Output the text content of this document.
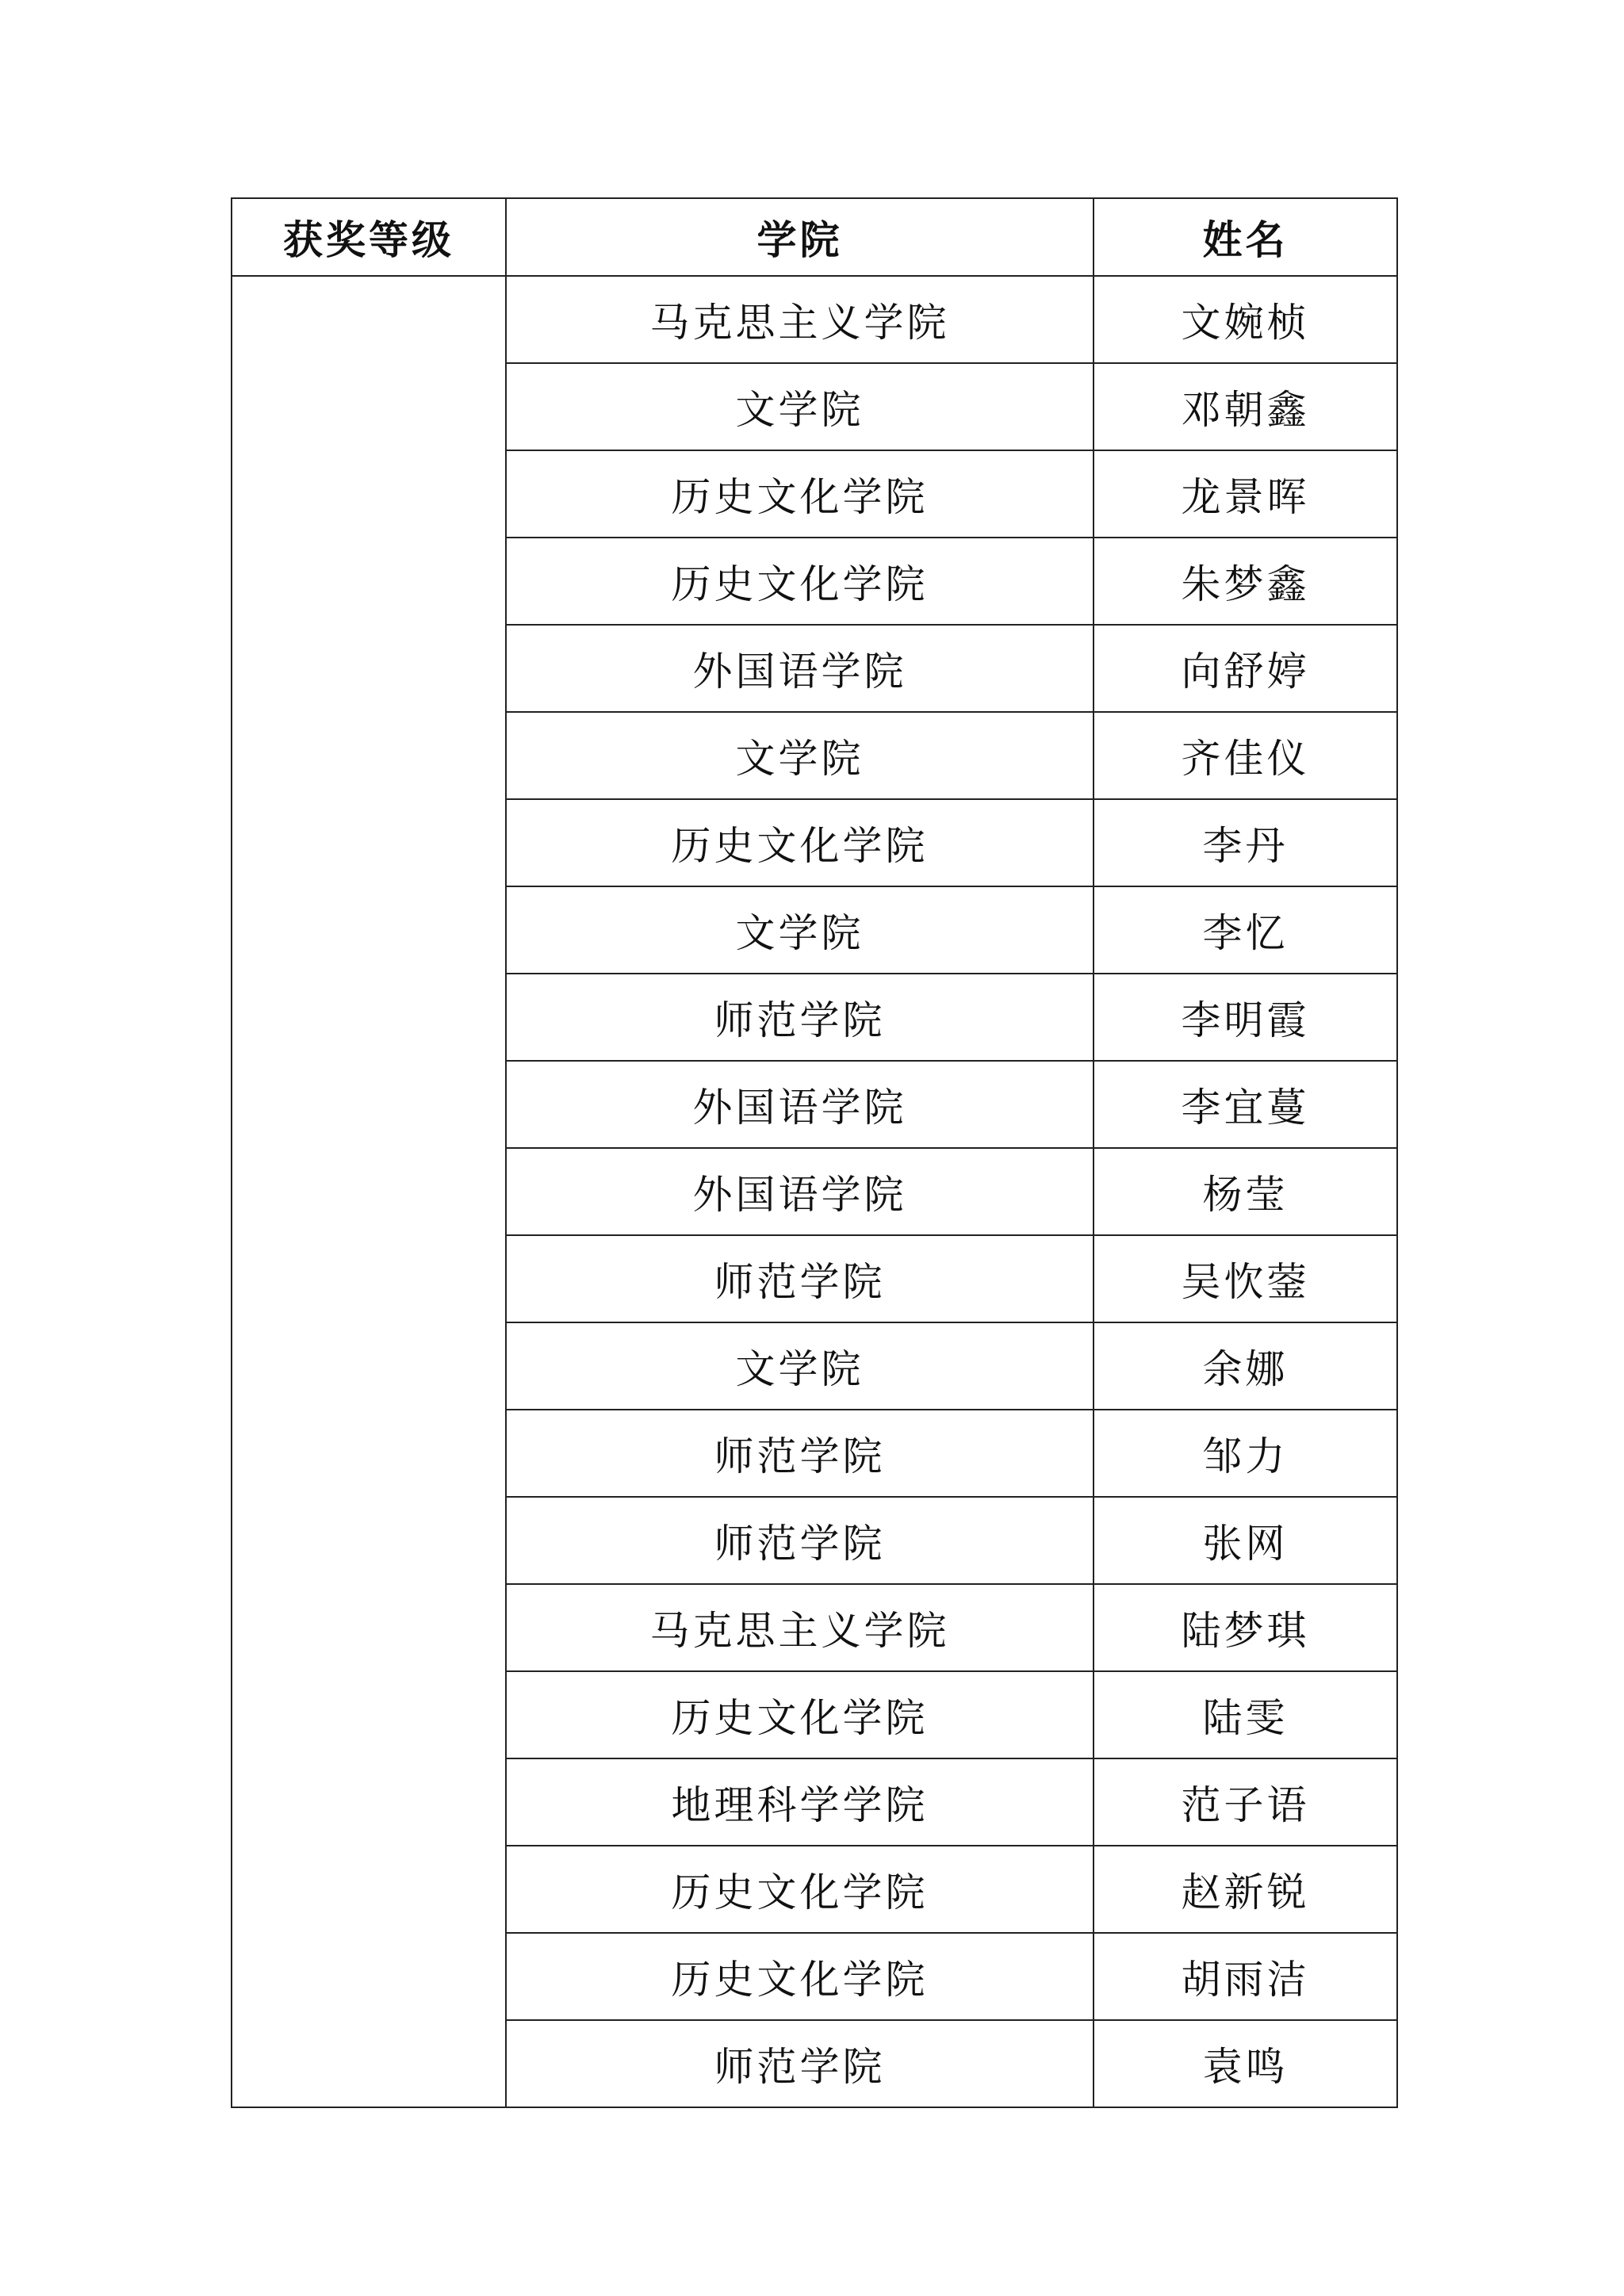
获奖等级	学院	姓名
	马克思主义学院	文婉桢
	文学院	邓朝鑫
	历史文化学院	龙景晖
	历史文化学院	朱梦鑫
	外国语学院	向舒婷
	文学院	齐佳仪
	历史文化学院	李丹
	文学院	李忆
	师范学院	李明霞
	外国语学院	李宜蔓
	外国语学院	杨莹
	师范学院	吴忺蓥
	文学院	余娜
	师范学院	邹力
	师范学院	张网
	马克思主义学院	陆梦琪
	历史文化学院	陆雯
	地理科学学院	范子语
	历史文化学院	赵新锐
	历史文化学院	胡雨洁
	师范学院	袁鸣
